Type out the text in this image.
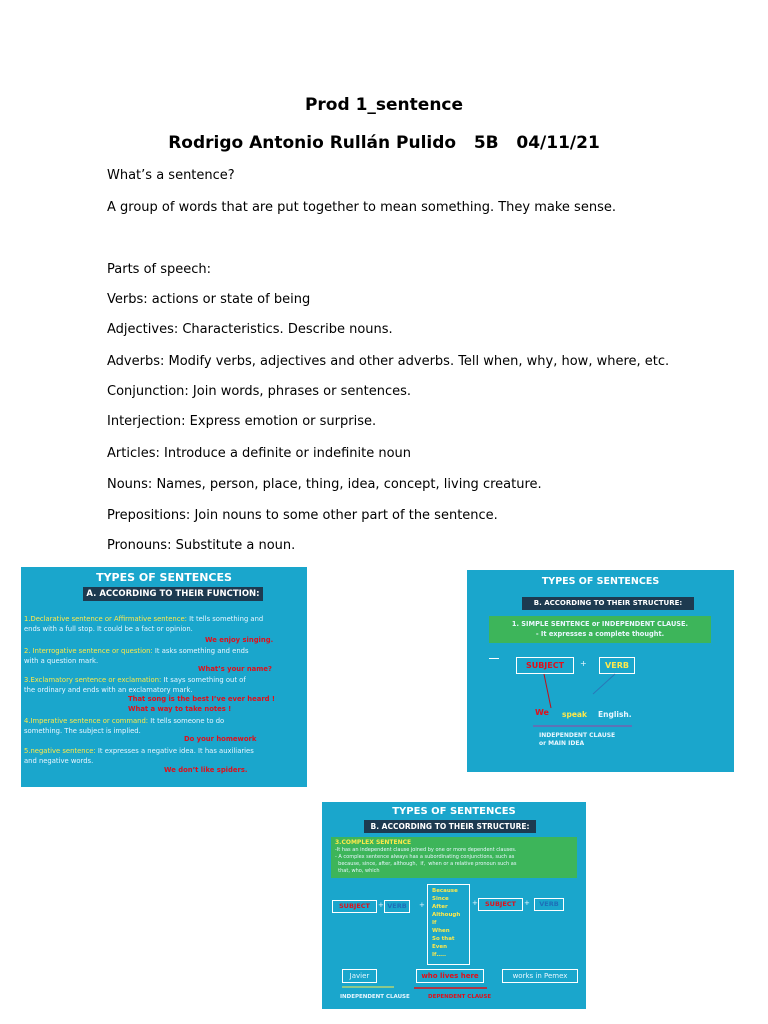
Prod 1_sentence
Rodrigo Antonio Rullán Pulido   5B   04/11/21
What’s a sentence?
A group of words that are put together to mean something. They make sense.
Parts of speech:
Verbs: actions or state of being
Adjectives: Characteristics. Describe nouns.
Adverbs: Modify verbs, adjectives and other adverbs. Tell when, why, how, where, etc.
Conjunction: Join words, phrases or sentences.
Interjection: Express emotion or surprise.
Articles: Introduce a definite or indefinite noun
Nouns: Names, person, place, thing, idea, concept, living creature.
Prepositions: Join nouns to some other part of the sentence.
Pronouns: Substitute a noun.
TYPES OF SENTENCES
A. ACCORDING TO THEIR FUNCTION:
1.Declarative sentence or Affirmative sentence: It tells something and
ends with a full stop. It could be a fact or opinion.
We enjoy singing.
2. Interrogative sentence or question: It asks something and ends
with a question mark.
What’s your name?
3.Exclamatory sentence or exclamation: It says something out of
the ordinary and ends with an exclamatory mark.
That song is the best I’ve ever heard !
What a way to take notes !
4.Imperative sentence or command: It tells someone to do
something. The subject is implied.
Do your homework
5.negative sentence: It expresses a negative idea. It has auxiliaries
and negative words.
We don’t like spiders.
TYPES OF SENTENCES
B. ACCORDING TO THEIR STRUCTURE:
1. SIMPLE SENTENCE or INDEPENDENT CLAUSE.
- It expresses a complete thought.
SUBJECT	+	VERB
We speak English.
INDEPENDENT CLAUSE
or MAIN IDEA
TYPES OF SENTENCES
B. ACCORDING TO THEIR STRUCTURE:
3.COMPLEX SENTENCE
-It has an independent clause joined by one or more dependent clauses.
- A complex sentence always has a subordinating conjunctions, such as
because, since, after, although,  if,  when or a relative pronoun such as
that, who, which
SUBJECT	+ VERB	+
Because
Since
After
Although
If
When
So that
Even
If…..
+	SUBJECT	+	VERB
Javier	who lives here	works in Pemex
INDEPENDENT CLAUSE	DEPENDENT CLAUSE
